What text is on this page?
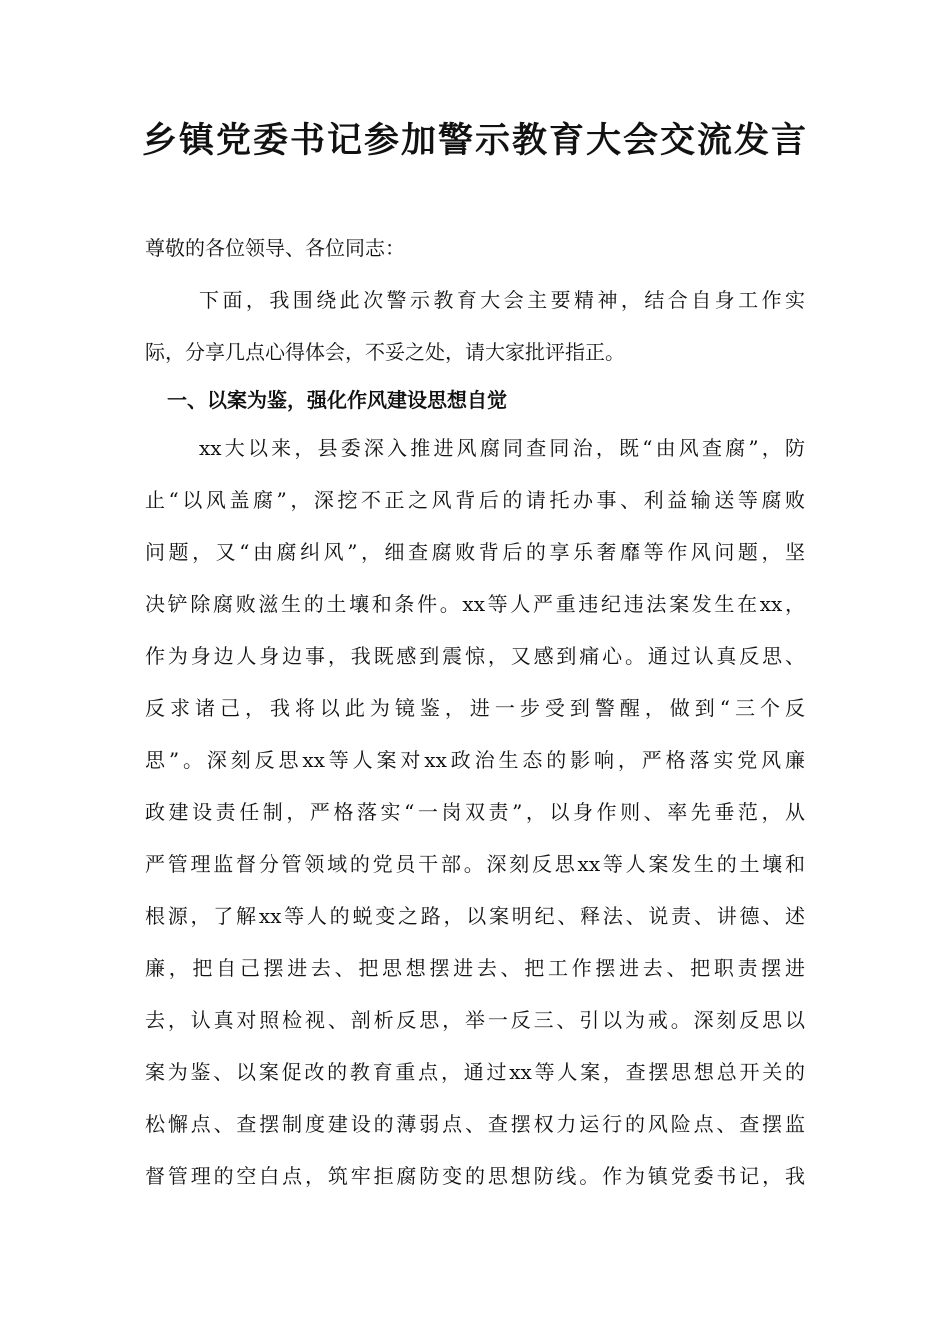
乡镇党委书记参加警示教育大会交流发言
尊敬的各位领导、各位同志：
下面，我围绕此次警示教育大会主要精神，结合自身工作实
际，分享几点心得体会，不妥之处，请大家批评指正。
一、以案为鉴，强化作风建设思想自觉
xx大以来，县委深入推进风腐同查同治，既“由风查腐”，防
止“以风盖腐”，深挖不正之风背后的请托办事、利益输送等腐败
问题，又“由腐纠风”，细查腐败背后的享乐奢靡等作风问题，坚
决铲除腐败滋生的土壤和条件。xx等人严重违纪违法案发生在xx，
作为身边人身边事，我既感到震惊，又感到痛心。通过认真反思、
反求诸己，我将以此为镜鉴，进一步受到警醒，做到“三个反
思”。深刻反思xx等人案对xx政治生态的影响，严格落实党风廉
政建设责任制，严格落实“一岗双责”，以身作则、率先垂范，从
严管理监督分管领域的党员干部。深刻反思xx等人案发生的土壤和
根源，了解xx等人的蜕变之路，以案明纪、释法、说责、讲德、述
廉，把自己摆进去、把思想摆进去、把工作摆进去、把职责摆进
去，认真对照检视、剖析反思，举一反三、引以为戒。深刻反思以
案为鉴、以案促改的教育重点，通过xx等人案，查摆思想总开关的
松懈点、查摆制度建设的薄弱点、查摆权力运行的风险点、查摆监
督管理的空白点，筑牢拒腐防变的思想防线。作为镇党委书记，我
